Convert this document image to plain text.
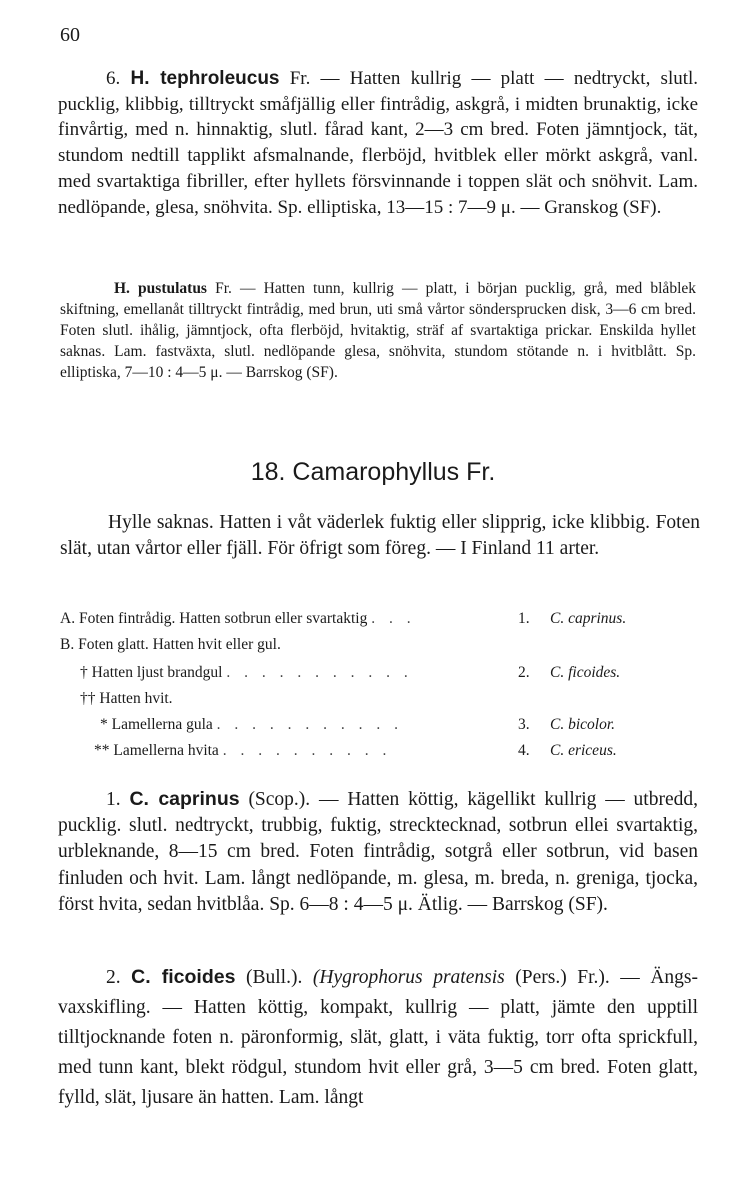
60

6. H. tephroleucus Fr. — Hatten kullrig — platt — nedtryckt, slutl. pucklig, klibbig, tilltryckt småfjällig eller fintrådig, askgrå, i midten brunaktig, icke finvårtig, med n. hinnaktig, slutl. fårad kant, 2—3 cm bred. Foten jämntjock, tät, stundom nedtill tapplikt afsmalnande, flerböjd, hvitblek eller mörkt askgrå, vanl. med svartaktiga fibriller, efter hyllets försvinnande i toppen slät och snöhvit. Lam. nedlöpande, glesa, snöhvita. Sp. elliptiska, 13—15 : 7—9 μ. — Granskog (SF).

H. pustulatus Fr. — Hatten tunn, kullrig — platt, i början pucklig, grå, med blåblek skiftning, emellanåt tilltryckt fintrådig, med brun, uti små vårtor söndersprucken disk, 3—6 cm bred. Foten slutl. ihålig, jämntjock, ofta flerböjd, hvitaktig, sträf af svartaktiga prickar. Enskilda hyllet saknas. Lam. fastväxta, slutl. nedlöpande glesa, snöhvita, stundom stötande n. i hvitblått. Sp. elliptiska, 7—10 : 4—5 μ. — Barrskog (SF).

18. Camarophyllus Fr.

Hylle saknas. Hatten i våt väderlek fuktig eller slipprig, icke klibbig. Foten slät, utan vårtor eller fjäll. För öfrigt som föreg. — I Finland 11 arter.

A. Foten fintrådig. Hatten sotbrun eller svartaktig . . .	1. C. caprinus.
B. Foten glatt. Hatten hvit eller gul.
† Hatten ljust brandgul . . . . . . . . . . .	2. C. ficoides.
†† Hatten hvit.
* Lamellerna gula . . . . . . . . . . .	3. C. bicolor.
** Lamellerna hvita . . . . . . . . . .	4. C. ericeus.

1. C. caprinus (Scop.). — Hatten köttig, kägellikt kullrig — utbredd, pucklig. slutl. nedtryckt, trubbig, fuktig, strecktecknad, sotbrun ellei svartaktig, urbleknande, 8—15 cm bred. Foten fintrådig, sotgrå eller sotbrun, vid basen finluden och hvit. Lam. långt nedlöpande, m. glesa, m. breda, n. greniga, tjocka, först hvita, sedan hvitblåa. Sp. 6—8 : 4—5 μ. Ätlig. — Barrskog (SF).

2. C. ficoides (Bull.). (Hygrophorus pratensis (Pers.) Fr.). — Ängs-vaxskifling. — Hatten köttig, kompakt, kullrig — platt, jämte den upptill tilltjocknande foten n. päronformig, slät, glatt, i väta fuktig, torr ofta sprickfull, med tunn kant, blekt rödgul, stundom hvit eller grå, 3—5 cm bred. Foten glatt, fylld, slät, ljusare än hatten. Lam. långt
